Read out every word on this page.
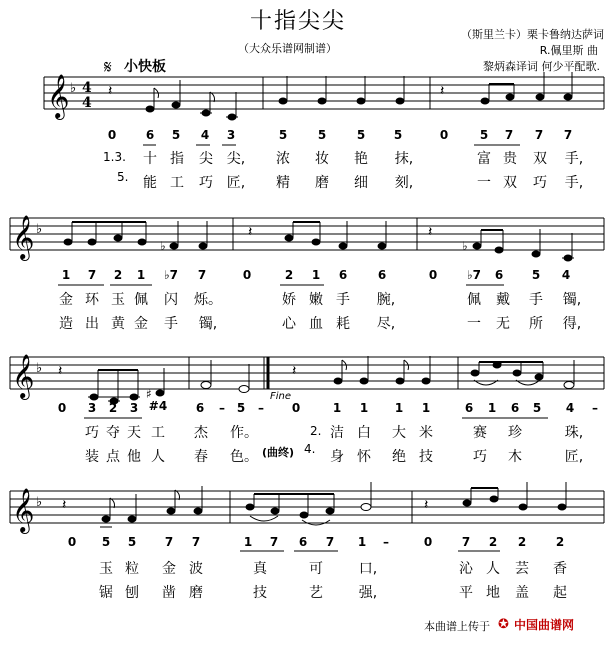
𝄞
𝄞
𝄞
𝄞
♭
♭
♭
♭
4
4
𝄽	𝄽
♭
𝄽	𝄽
♭
𝄽
♯
𝄽
𝄽	𝄽
𝄋
十指尖尖
（大众乐谱网制谱）
（斯里兰卡）栗卡鲁纳达萨词
R.佩里斯 曲
黎炳森译词 何少平配歌.
小快板
0 6 5 4 3	5	5	5 5	0	5 7 7 7
1.3. 十 指 尖 尖, 浓 妆 艳 抹,	富 贵 双 手,
5. 能 工 巧 匠, 精 磨 细 刻,	一 双 巧 手,
1 7 2 1 ♭7 7	0	2 1 6	6	0 ♭7 6 5 4
金 环 玉 佩 闪 烁。	娇 嫩 手 腕,	佩 戴 手 镯,
造 出 黄 金 手 镯,	心 血 耗 尽,	一 无 所 得,
Fine
0 3 2 3 #4 6 – 5 – 0	1 1 1 1	6 1 6 5 4 –
巧 夺 天 工 杰 作。	2. 洁 白 大 米	赛 珍	珠,
装 点 他 人 春 色。 (曲终) 4. 身 怀 绝 技	巧 木	匠,
0 5 5 7 7	1 7 6 7 1 –	0 7 2 2 2
玉 粒 金 波	真	可	口,	沁 人 芸 香
锯 刨 凿 磨	技	艺	强,	平 地 盖 起
本曲谱上传于 ✪ 中国曲谱网
